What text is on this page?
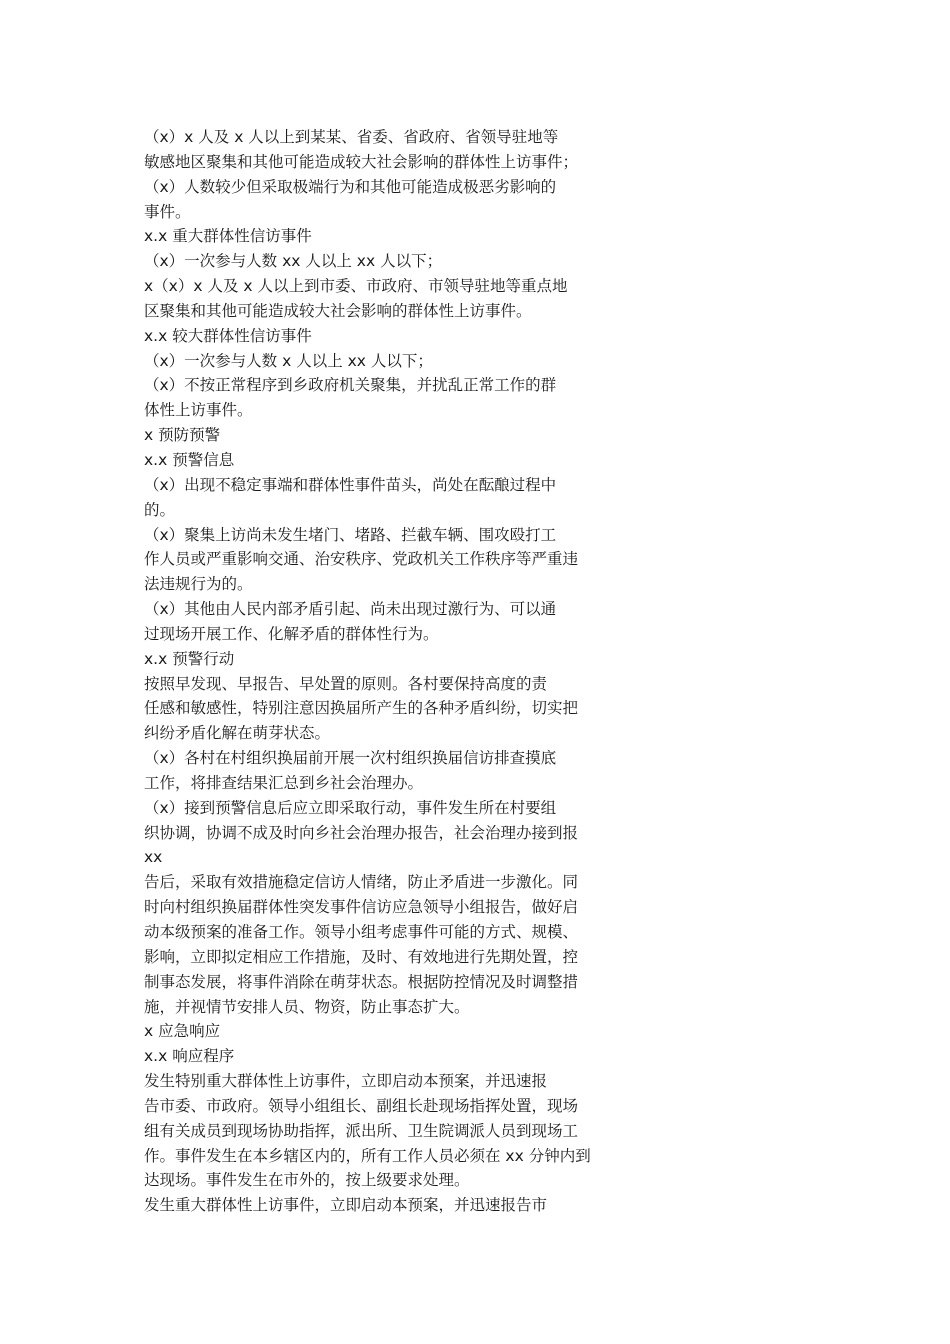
（x）x 人及 x 人以上到某某、省委、省政府、省领导驻地等
敏感地区聚集和其他可能造成较大社会影响的群体性上访事件；
（x）人数较少但采取极端行为和其他可能造成极恶劣影响的
事件。
x.x 重大群体性信访事件
（x）一次参与人数 xx 人以上 xx 人以下；
x（x）x 人及 x 人以上到市委、市政府、市领导驻地等重点地
区聚集和其他可能造成较大社会影响的群体性上访事件。
x.x 较大群体性信访事件
（x）一次参与人数 x 人以上 xx 人以下；
（x）不按正常程序到乡政府机关聚集，并扰乱正常工作的群
体性上访事件。
x 预防预警
x.x 预警信息
（x）出现不稳定事端和群体性事件苗头，尚处在酝酿过程中
的。
（x）聚集上访尚未发生堵门、堵路、拦截车辆、围攻殴打工
作人员或严重影响交通、治安秩序、党政机关工作秩序等严重违
法违规行为的。
（x）其他由人民内部矛盾引起、尚未出现过激行为、可以通
过现场开展工作、化解矛盾的群体性行为。
x.x 预警行动
按照早发现、早报告、早处置的原则。各村要保持高度的责
任感和敏感性，特别注意因换届所产生的各种矛盾纠纷，切实把
纠纷矛盾化解在萌芽状态。
（x）各村在村组织换届前开展一次村组织换届信访排查摸底
工作，将排查结果汇总到乡社会治理办。
（x）接到预警信息后应立即采取行动，事件发生所在村要组
织协调，协调不成及时向乡社会治理办报告，社会治理办接到报
xx
告后，采取有效措施稳定信访人情绪，防止矛盾进一步激化。同
时向村组织换届群体性突发事件信访应急领导小组报告，做好启
动本级预案的准备工作。领导小组考虑事件可能的方式、规模、
影响，立即拟定相应工作措施，及时、有效地进行先期处置，控
制事态发展，将事件消除在萌芽状态。根据防控情况及时调整措
施，并视情节安排人员、物资，防止事态扩大。
x 应急响应
x.x 响应程序
发生特别重大群体性上访事件，立即启动本预案，并迅速报
告市委、市政府。领导小组组长、副组长赴现场指挥处置，现场
组有关成员到现场协助指挥，派出所、卫生院调派人员到现场工
作。事件发生在本乡辖区内的，所有工作人员必须在 xx 分钟内到
达现场。事件发生在市外的，按上级要求处理。
发生重大群体性上访事件，立即启动本预案，并迅速报告市
